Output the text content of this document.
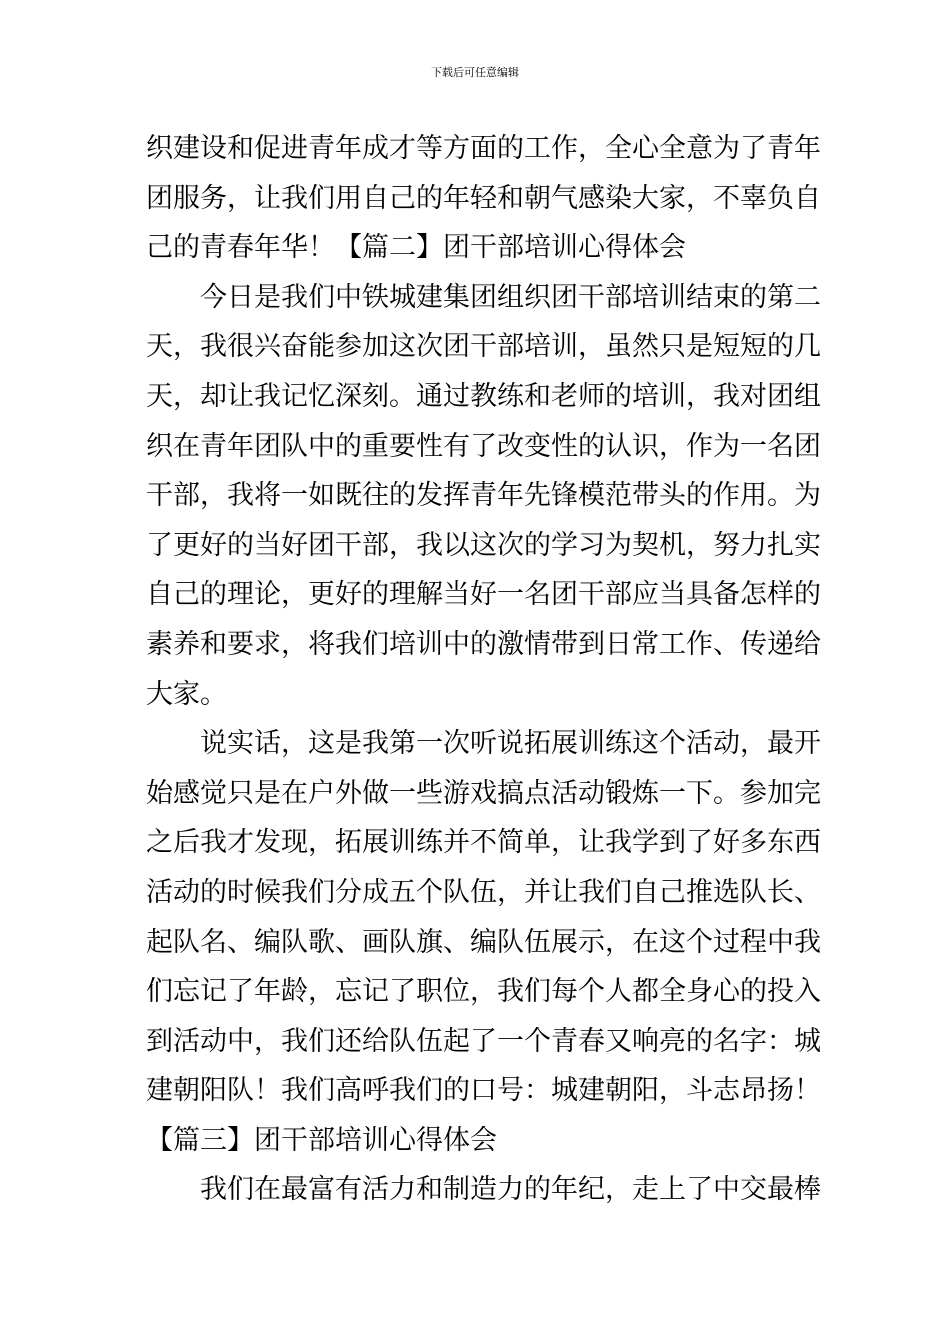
下载后可任意编辑
织建设和促进青年成才等方面的工作，全心全意为了青年
团服务，让我们用自己的年轻和朝气感染大家，不辜负自
己的青春年华！【篇二】团干部培训心得体会
　　今日是我们中铁城建集团组织团干部培训结束的第二
天，我很兴奋能参加这次团干部培训，虽然只是短短的几
天，却让我记忆深刻。通过教练和老师的培训，我对团组
织在青年团队中的重要性有了改变性的认识，作为一名团
干部，我将一如既往的发挥青年先锋模范带头的作用。为
了更好的当好团干部，我以这次的学习为契机，努力扎实
自己的理论，更好的理解当好一名团干部应当具备怎样的
素养和要求，将我们培训中的激情带到日常工作、传递给
大家。
　　说实话，这是我第一次听说拓展训练这个活动，最开
始感觉只是在户外做一些游戏搞点活动锻炼一下。参加完
之后我才发现，拓展训练并不简单，让我学到了好多东西
活动的时候我们分成五个队伍，并让我们自己推选队长、
起队名、编队歌、画队旗、编队伍展示，在这个过程中我
们忘记了年龄，忘记了职位，我们每个人都全身心的投入
到活动中，我们还给队伍起了一个青春又响亮的名字：城
建朝阳队！我们高呼我们的口号：城建朝阳，斗志昂扬！
【篇三】团干部培训心得体会
　　我们在最富有活力和制造力的年纪，走上了中交最棒
